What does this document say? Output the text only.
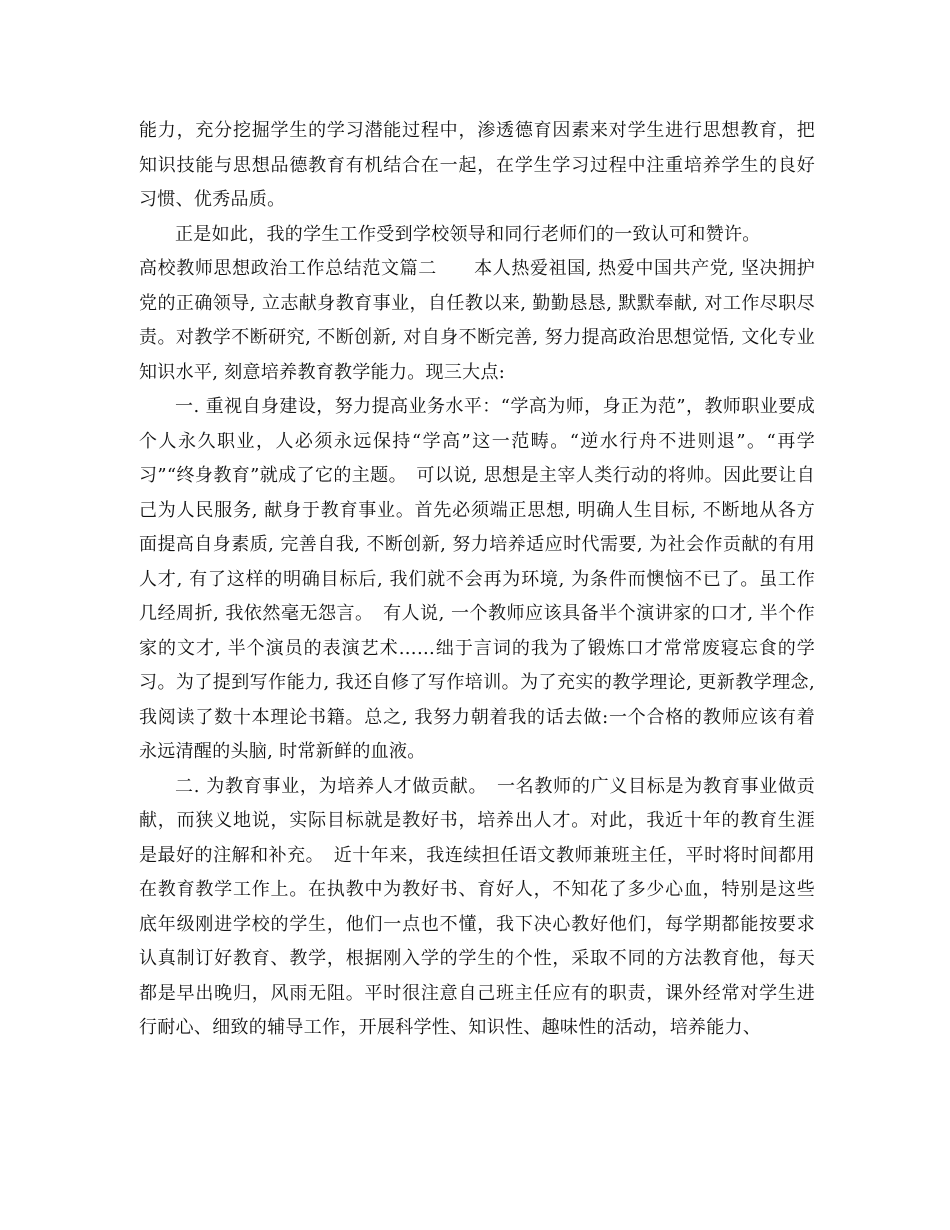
能力，充分挖掘学生的学习潜能过程中，渗透德育因素来对学生进行思想教育，把知识技能与思想品德教育有机结合在一起，在学生学习过程中注重培养学生的良好习惯、优秀品质。

正是如此，我的学生工作受到学校领导和同行老师们的一致认可和赞许。

高校教师思想政治工作总结范文篇二　　本人热爱祖国, 热爱中国共产党, 坚决拥护党的正确领导, 立志献身教育事业，自任教以来, 勤勤恳恳, 默默奉献, 对工作尽职尽责。对教学不断研究, 不断创新, 对自身不断完善, 努力提高政治思想觉悟, 文化专业知识水平, 刻意培养教育教学能力。现三大点:

一. 重视自身建设，努力提高业务水平：“学高为师，身正为范”，教师职业要成个人永久职业，人必须永远保持“学高”这一范畴。“逆水行舟不进则退”。“再学习”“终身教育”就成了它的主题。　可以说, 思想是主宰人类行动的将帅。因此要让自己为人民服务, 献身于教育事业。首先必须端正思想, 明确人生目标, 不断地从各方面提高自身素质, 完善自我, 不断创新, 努力培养适应时代需要, 为社会作贡献的有用人才, 有了这样的明确目标后, 我们就不会再为环境, 为条件而懊恼不已了。虽工作几经周折, 我依然毫无怨言。　有人说, 一个教师应该具备半个演讲家的口才, 半个作家的文才, 半个演员的表演艺术……绌于言词的我为了锻炼口才常常废寝忘食的学习。为了提到写作能力, 我还自修了写作培训。为了充实的教学理论, 更新教学理念, 我阅读了数十本理论书籍。总之, 我努力朝着我的话去做:一个合格的教师应该有着永远清醒的头脑, 时常新鲜的血液。

二. 为教育事业，为培养人才做贡献。　一名教师的广义目标是为教育事业做贡献，而狭义地说，实际目标就是教好书，培养出人才。对此，我近十年的教育生涯是最好的注解和补充。　近十年来，我连续担任语文教师兼班主任，平时将时间都用在教育教学工作上。在执教中为教好书、育好人，不知花了多少心血，特别是这些底年级刚进学校的学生，他们一点也不懂，我下决心教好他们，每学期都能按要求认真制订好教育、教学，根据刚入学的学生的个性，采取不同的方法教育他，每天都是早出晚归，风雨无阻。平时很注意自己班主任应有的职责，课外经常对学生进行耐心、细致的辅导工作，开展科学性、知识性、趣味性的活动，培养能力、
